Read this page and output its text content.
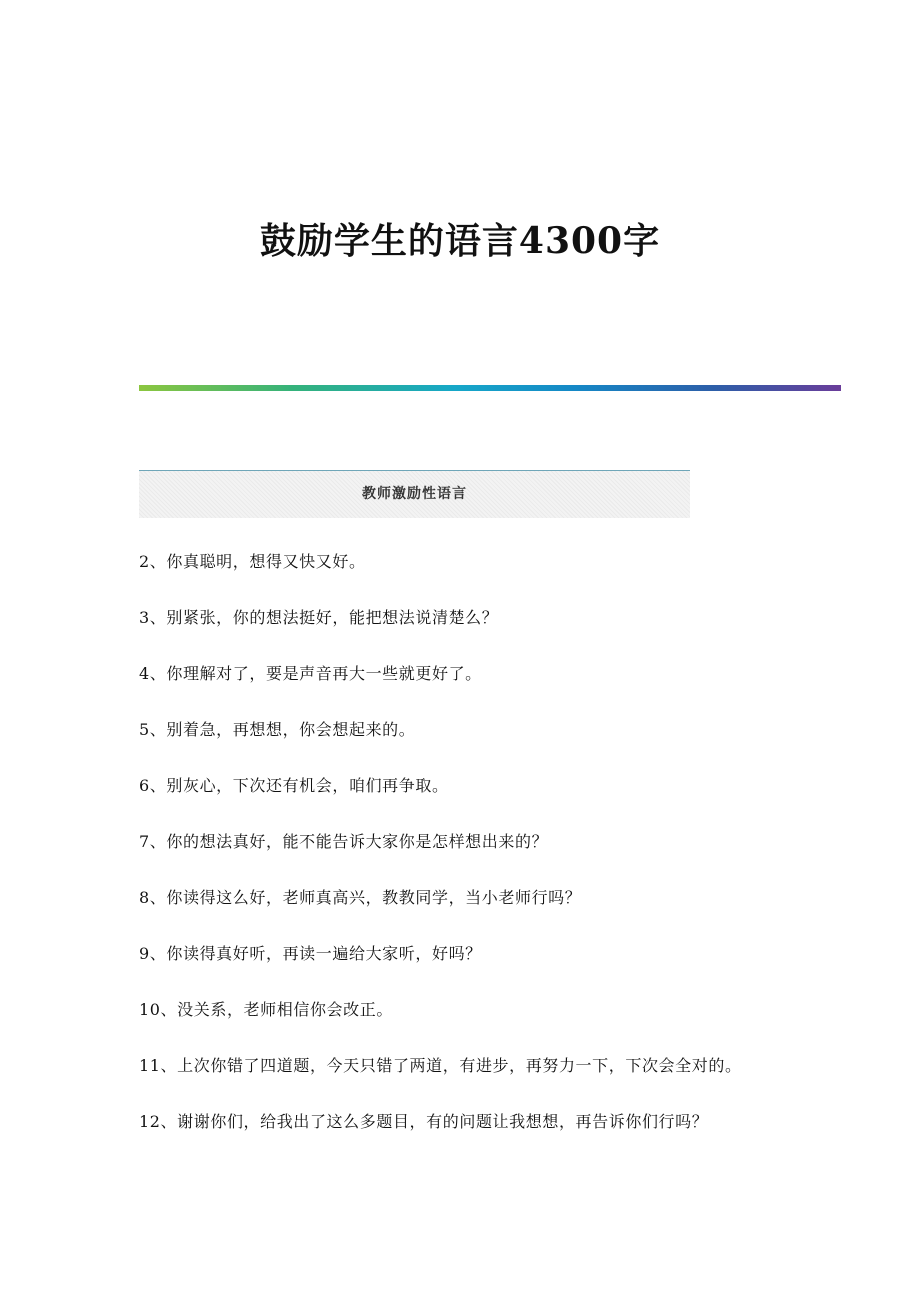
鼓励学生的语言4300字
教师激励性语言
2、你真聪明，想得又快又好。
3、别紧张，你的想法挺好，能把想法说清楚么？
4、你理解对了，要是声音再大一些就更好了。
5、别着急，再想想，你会想起来的。
6、别灰心，下次还有机会，咱们再争取。
7、你的想法真好，能不能告诉大家你是怎样想出来的？
8、你读得这么好，老师真高兴，教教同学，当小老师行吗？
9、你读得真好听，再读一遍给大家听，好吗？
10、没关系，老师相信你会改正。
11、上次你错了四道题，今天只错了两道，有进步，再努力一下，下次会全对的。
12、谢谢你们，给我出了这么多题目，有的问题让我想想，再告诉你们行吗？
